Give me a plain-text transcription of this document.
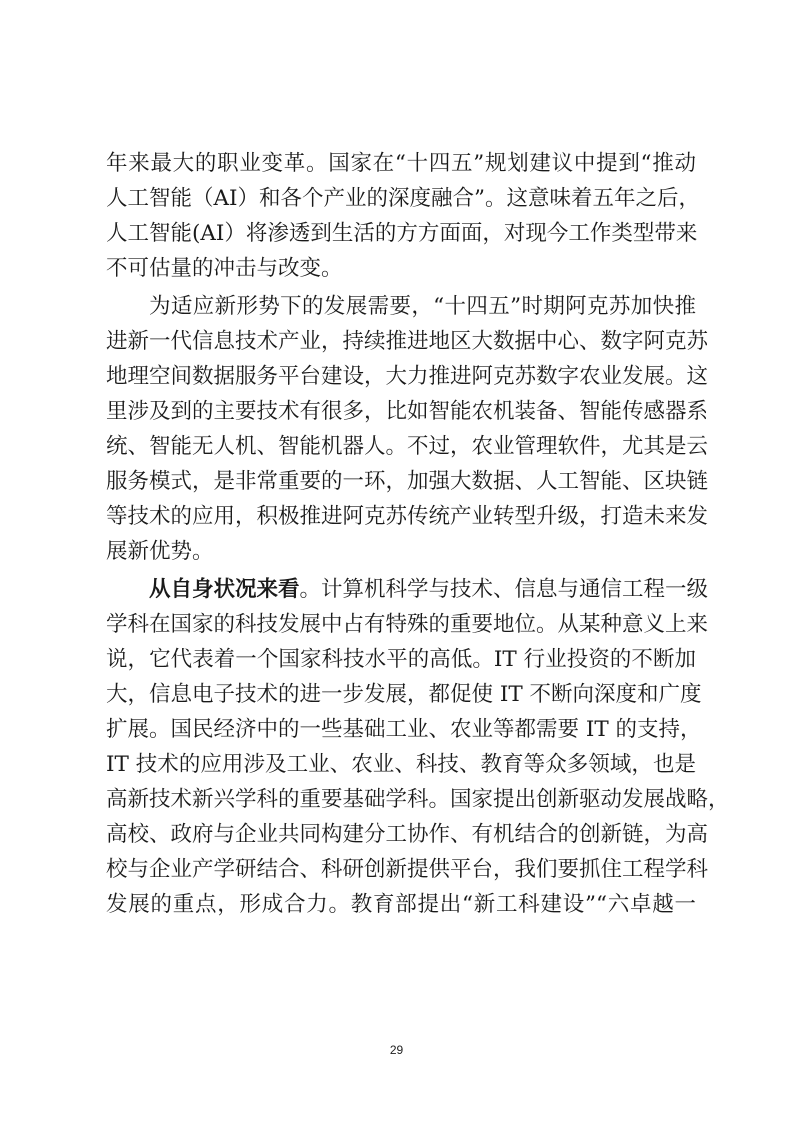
年来最大的职业变革。国家在“十四五”规划建议中提到“推动
人工智能（AI）和各个产业的深度融合”。这意味着五年之后，
人工智能(AI）将渗透到生活的方方面面，对现今工作类型带来
不可估量的冲击与改变。
为适应新形势下的发展需要，“十四五”时期阿克苏加快推
进新一代信息技术产业，持续推进地区大数据中心、数字阿克苏
地理空间数据服务平台建设，大力推进阿克苏数字农业发展。这
里涉及到的主要技术有很多，比如智能农机装备、智能传感器系
统、智能无人机、智能机器人。不过，农业管理软件，尤其是云
服务模式，是非常重要的一环，加强大数据、人工智能、区块链
等技术的应用，积极推进阿克苏传统产业转型升级，打造未来发
展新优势。
从自身状况来看。计算机科学与技术、信息与通信工程一级
学科在国家的科技发展中占有特殊的重要地位。从某种意义上来
说，它代表着一个国家科技水平的高低。IT 行业投资的不断加
大，信息电子技术的进一步发展，都促使 IT 不断向深度和广度
扩展。国民经济中的一些基础工业、农业等都需要 IT 的支持，
IT 技术的应用涉及工业、农业、科技、教育等众多领域，也是
高新技术新兴学科的重要基础学科。国家提出创新驱动发展战略，
高校、政府与企业共同构建分工协作、有机结合的创新链，为高
校与企业产学研结合、科研创新提供平台，我们要抓住工程学科
发展的重点，形成合力。教育部提出“新工科建设”“六卓越一
29
